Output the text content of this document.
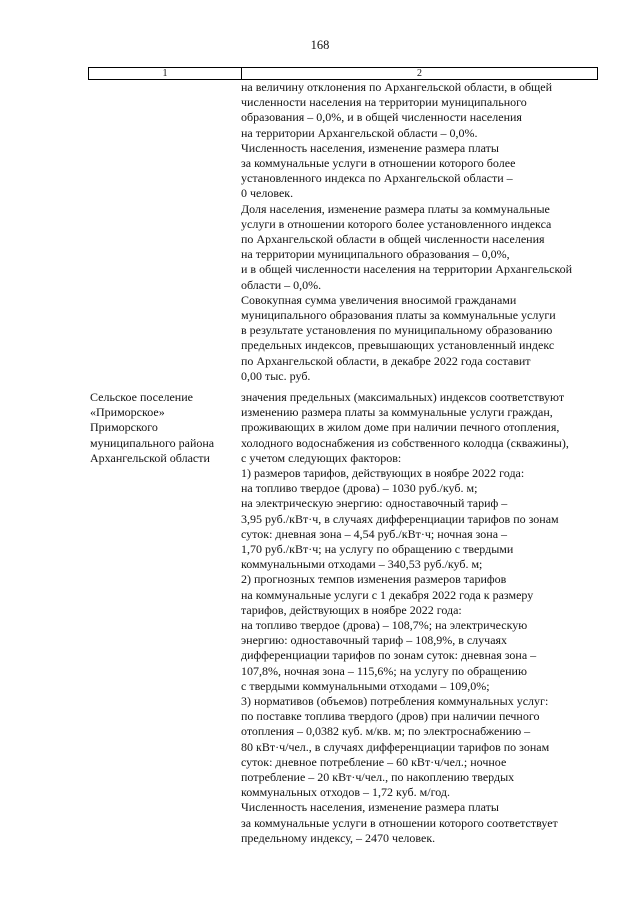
168
1	2
на величину отклонения по Архангельской области, в общей
численности населения на территории муниципального
образования – 0,0%, и в общей численности населения
на территории Архангельской области – 0,0%.
Численность населения, изменение размера платы
за коммунальные услуги в отношении которого более
установленного индекса по Архангельской области –
0 человек.
Доля населения, изменение размера платы за коммунальные
услуги в отношении которого более установленного индекса
по Архангельской области в общей численности населения
на территории муниципального образования – 0,0%,
и в общей численности населения на территории Архангельской
области – 0,0%.
Совокупная сумма увеличения вносимой гражданами
муниципального образования платы за коммунальные услуги
в результате установления по муниципальному образованию
предельных индексов, превышающих установленный индекс
по Архангельской области, в декабре 2022 года составит
0,00 тыс. руб.
Сельское поселение
«Приморское»
Приморского
муниципального района
Архангельской области
значения предельных (максимальных) индексов соответствуют
изменению размера платы за коммунальные услуги граждан,
проживающих в жилом доме при наличии печного отопления,
холодного водоснабжения из собственного колодца (скважины),
с учетом следующих факторов:
1) размеров тарифов, действующих в ноябре 2022 года:
на топливо твердое (дрова) – 1030 руб./куб. м;
на электрическую энергию: одноставочный тариф –
3,95 руб./кВт·ч, в случаях дифференциации тарифов по зонам
суток: дневная зона – 4,54 руб./кВт·ч; ночная зона –
1,70 руб./кВт·ч; на услугу по обращению с твердыми
коммунальными отходами – 340,53 руб./куб. м;
2) прогнозных темпов изменения размеров тарифов
на коммунальные услуги с 1 декабря 2022 года к размеру
тарифов, действующих в ноябре 2022 года:
на топливо твердое (дрова) – 108,7%; на электрическую
энергию: одноставочный тариф – 108,9%, в случаях
дифференциации тарифов по зонам суток: дневная зона –
107,8%, ночная зона – 115,6%; на услугу по обращению
с твердыми коммунальными отходами – 109,0%;
3) нормативов (объемов) потребления коммунальных услуг:
по поставке топлива твердого (дров) при наличии печного
отопления – 0,0382 куб. м/кв. м; по электроснабжению –
80 кВт·ч/чел., в случаях дифференциации тарифов по зонам
суток: дневное потребление – 60 кВт·ч/чел.; ночное
потребление – 20 кВт·ч/чел., по накоплению твердых
коммунальных отходов – 1,72 куб. м/год.
Численность населения, изменение размера платы
за коммунальные услуги в отношении которого соответствует
предельному индексу, – 2470 человек.
